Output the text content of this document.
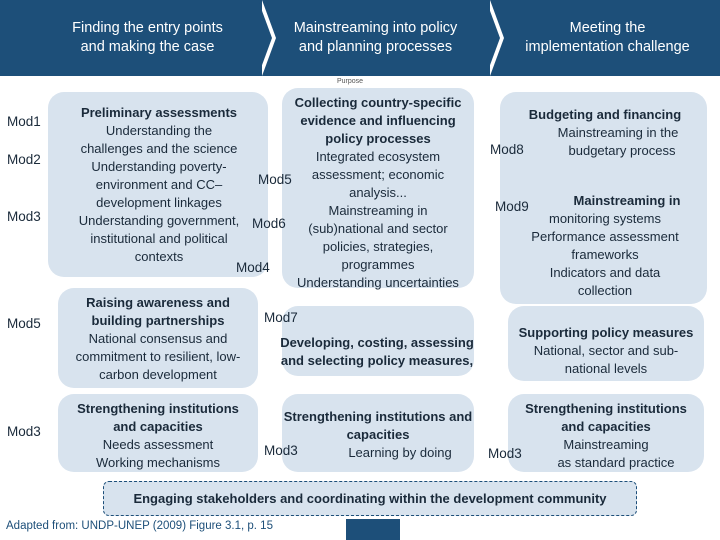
Finding the entry points
and making the case
Mainstreaming into policy
and planning processes
Meeting the
implementation challenge
Purpose
Preliminary assessments
Understanding the
challenges and the science
Understanding poverty-
environment and CC–
development linkages
Understanding government,
institutional and political
contexts
Mod1
Mod2
Mod3
Collecting country-specific
evidence and influencing
policy processes
Integrated ecosystem
assessment; economic
analysis...
Mainstreaming in
(sub)national and sector
policies, strategies,
programmes
Understanding uncertainties
Mod5
Mod6
Mod4
Budgeting and financing
Mainstreaming in the
budgetary process
Mod8
Mainstreaming in
monitoring systems
Performance assessment
frameworks
Indicators and data
collection
Mod9
Raising awareness and
building partnerships
National consensus and
commitment to resilient, low-
carbon development
Mod5	Mod7
Developing, costing, assessing
and selecting policy measures,
Supporting policy measures
National, sector and sub-
national levels
Strengthening institutions
and capacities
Needs assessment
Working mechanisms
Mod3
Strengthening institutions and
capacities
Learning by doing
Mod3
Strengthening institutions
and capacities
Mainstreaming
as standard practice
Mod3
Engaging stakeholders and coordinating within the development community
Adapted from: UNDP-UNEP (2009) Figure 3.1, p. 15
